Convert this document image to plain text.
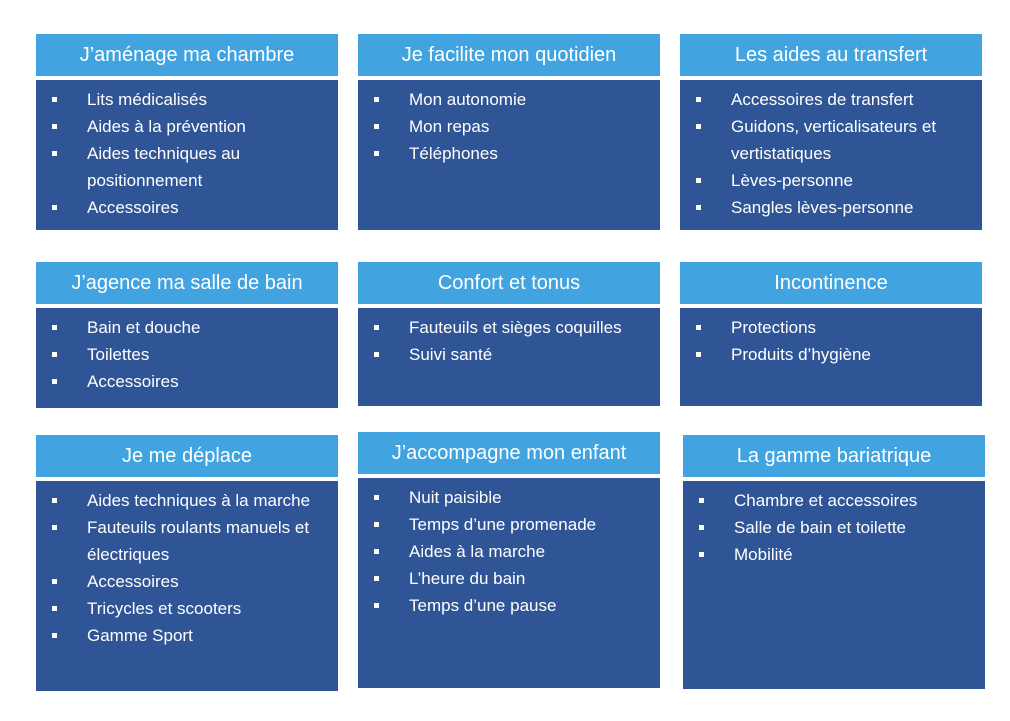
J’aménage ma chambre
Lits médicalisés
Aides à la prévention
Aides techniques au positionnement
Accessoires
Je facilite mon quotidien
Mon autonomie
Mon repas
Téléphones
Les aides au transfert
Accessoires de transfert
Guidons, verticalisateurs et vertistatiques
Lèves-personne
Sangles lèves-personne
J’agence ma salle de bain
Bain et douche
Toilettes
Accessoires
Confort et tonus
Fauteuils et sièges coquilles
Suivi santé
Incontinence
Protections
Produits d’hygiène
Je me déplace
Aides techniques à la marche
Fauteuils roulants manuels et électriques
Accessoires
Tricycles et scooters
Gamme Sport
J’accompagne mon enfant
Nuit paisible
Temps d’une promenade
Aides à la marche
L’heure du bain
Temps d’une pause
La gamme bariatrique
Chambre et accessoires
Salle de bain et toilette
Mobilité
